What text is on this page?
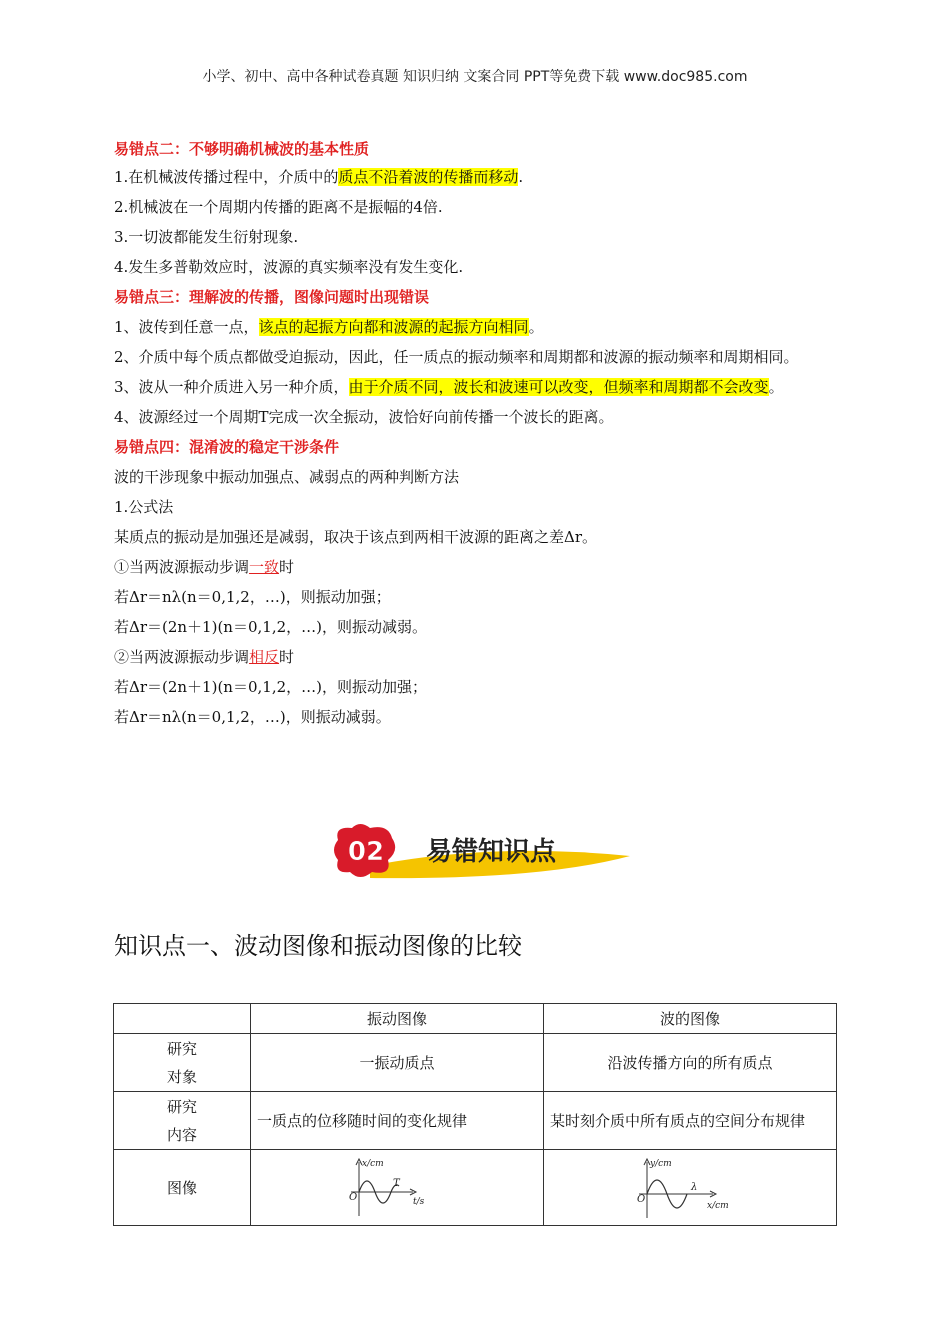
小学、初中、高中各种试卷真题 知识归纳 文案合同 PPT等免费下载 www.doc985.com

易错点二：不够明确机械波的基本性质

1.在机械波传播过程中，介质中的质点不沿着波的传播而移动.

2.机械波在一个周期内传播的距离不是振幅的4倍.

3.一切波都能发生衍射现象.

4.发生多普勒效应时，波源的真实频率没有发生变化.

易错点三：理解波的传播，图像问题时出现错误

1、波传到任意一点，该点的起振方向都和波源的起振方向相同。

2、介质中每个质点都做受迫振动，因此，任一质点的振动频率和周期都和波源的振动频率和周期相同。

3、波从一种介质进入另一种介质，由于介质不同，波长和波速可以改变，但频率和周期都不会改变。

4、波源经过一个周期T完成一次全振动，波恰好向前传播一个波长的距离。

易错点四：混淆波的稳定干涉条件

波的干涉现象中振动加强点、减弱点的两种判断方法

1.公式法

某质点的振动是加强还是减弱，取决于该点到两相干波源的距离之差Δr。

①当两波源振动步调一致时

若Δr＝nλ(n＝0,1,2，…)，则振动加强；

若Δr＝(2n＋1)(n＝0,1,2，…)，则振动减弱。

②当两波源振动步调相反时

若Δr＝(2n＋1)(n＝0,1,2，…)，则振动加强；

若Δr＝nλ(n＝0,1,2，…)，则振动减弱。

02 易错知识点
知识点一、波动图像和振动图像的比较
	振动图像	波的图像
研究
对象	一振动质点	沿波传播方向的所有质点
研究
内容	一质点的位移随时间的变化规律	某时刻介质中所有质点的空间分布规律
图像	x/cm
O
T
t/s	y/cm
O
λ
x/cm
